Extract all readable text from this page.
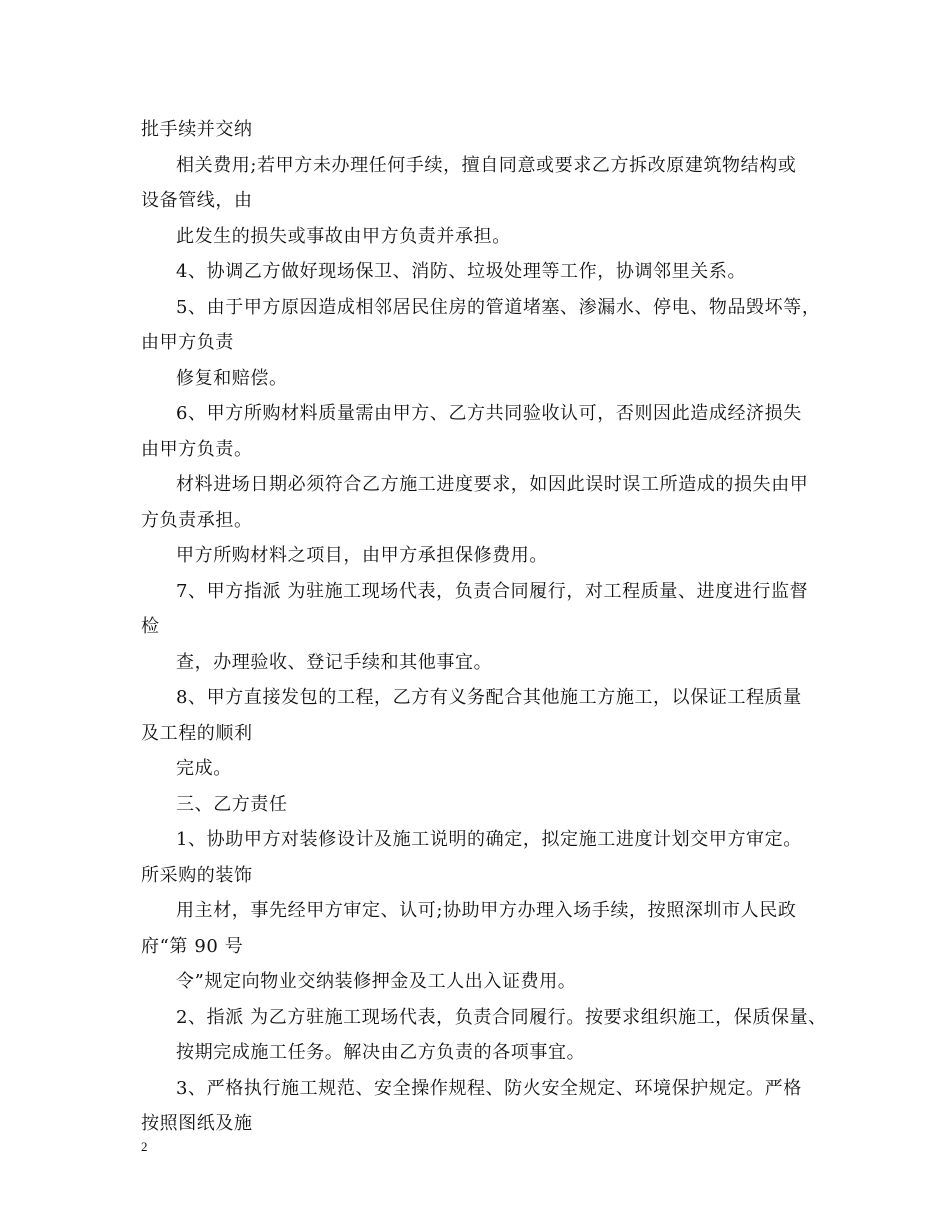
批手续并交纳
相关费用;若甲方未办理任何手续，擅自同意或要求乙方拆改原建筑物结构或
设备管线，由
此发生的损失或事故由甲方负责并承担。
4、协调乙方做好现场保卫、消防、垃圾处理等工作，协调邻里关系。
5、由于甲方原因造成相邻居民住房的管道堵塞、渗漏水、停电、物品毁坏等，
由甲方负责
修复和赔偿。
6、甲方所购材料质量需由甲方、乙方共同验收认可，否则因此造成经济损失
由甲方负责。
材料进场日期必须符合乙方施工进度要求，如因此误时误工所造成的损失由甲
方负责承担。
甲方所购材料之项目，由甲方承担保修费用。
7、甲方指派 为驻施工现场代表，负责合同履行，对工程质量、进度进行监督
检
查，办理验收、登记手续和其他事宜。
8、甲方直接发包的工程，乙方有义务配合其他施工方施工，以保证工程质量
及工程的顺利
完成。
三、乙方责任
1、协助甲方对装修设计及施工说明的确定，拟定施工进度计划交甲方审定。
所采购的装饰
用主材，事先经甲方审定、认可;协助甲方办理入场手续，按照深圳市人民政
府“第 90 号
令”规定向物业交纳装修押金及工人出入证费用。
2、指派 为乙方驻施工现场代表，负责合同履行。按要求组织施工，保质保量、
按期完成施工任务。解决由乙方负责的各项事宜。
3、严格执行施工规范、安全操作规程、防火安全规定、环境保护规定。严格
按照图纸及施
2
